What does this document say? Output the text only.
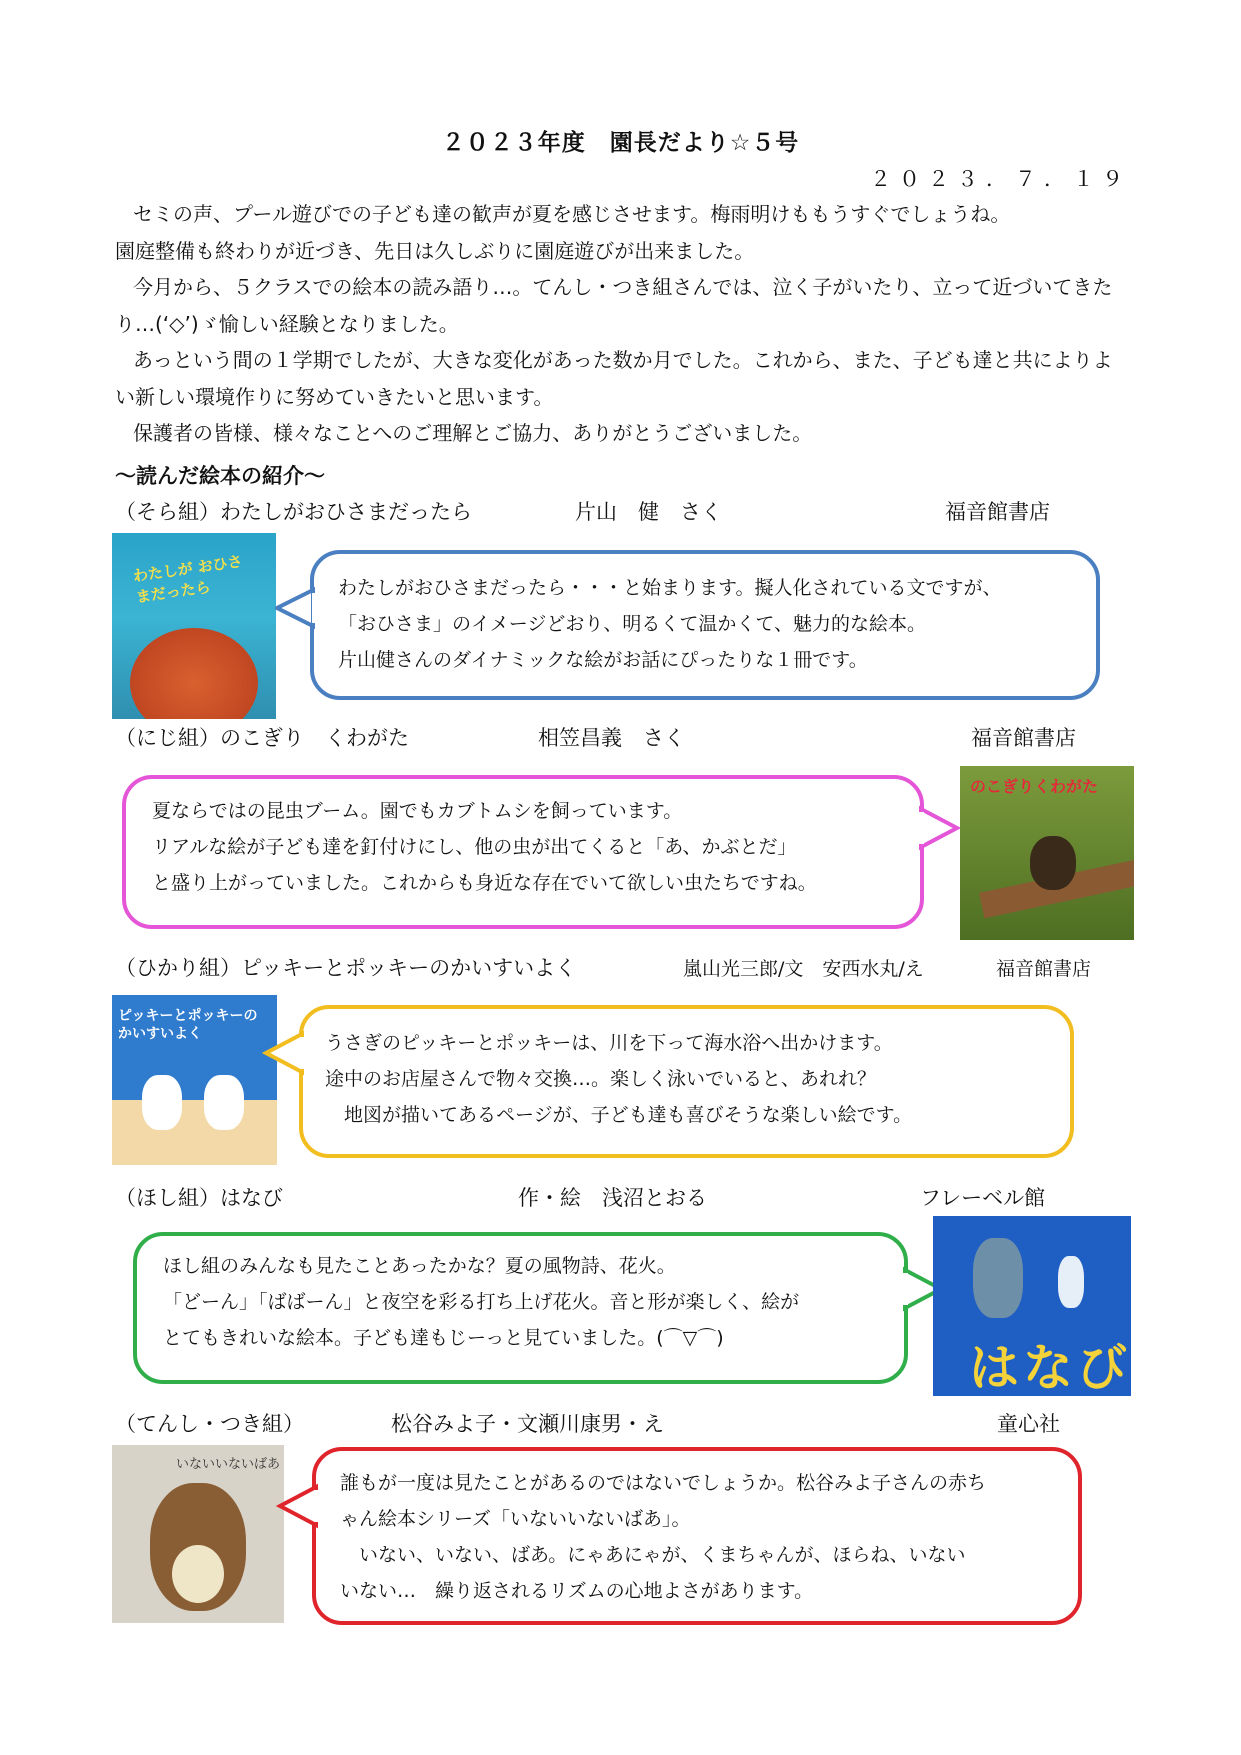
２０２３年度　園長だより☆５号
２０２３．７．１９

セミの声、プール遊びでの子ども達の歓声が夏を感じさせます。梅雨明けももうすぐでしょうね。

園庭整備も終わりが近づき、先日は久しぶりに園庭遊びが出来ました。

今月から、５クラスでの絵本の読み語り…。てんし・つき組さんでは、泣く子がいたり、立って近づいてきたり…(‘◇’)ゞ愉しい経験となりました。

あっという間の１学期でしたが、大きな変化があった数か月でした。これから、また、子ども達と共によりよい新しい環境作りに努めていきたいと思います。

保護者の皆様、様々なことへのご理解とご協力、ありがとうございました。

～読んだ絵本の紹介～
（そら組）わたしがおひさまだったら	片山　健　さく	福音館書店
わたしが おひさまだったら	わたしがおひさまだったら・・・と始まります。擬人化されている文ですが、
「おひさま」のイメージどおり、明るくて温かくて、魅力的な絵本。
片山健さんのダイナミックな絵がお話にぴったりな１冊です。
（にじ組）のこぎり　くわがた	相笠昌義　さく	福音館書店
夏ならではの昆虫ブーム。園でもカブトムシを飼っています。
リアルな絵が子ども達を釘付けにし、他の虫が出てくると「あ、かぶとだ」
と盛り上がっていました。これからも身近な存在でいて欲しい虫たちですね。
のこぎりくわがた
（ひかり組）ピッキーとポッキーのかいすいよく	嵐山光三郎/文　安西水丸/え	福音館書店
ピッキーとポッキーの かいすいよく	うさぎのピッキーとポッキーは、川を下って海水浴へ出かけます。
途中のお店屋さんで物々交換…。楽しく泳いでいると、あれれ？
　地図が描いてあるページが、子ども達も喜びそうな楽しい絵です。
（ほし組）はなび	作・絵　浅沼とおる	フレーベル館
ほし組のみんなも見たことあったかな？夏の風物詩、花火。
「どーん」「ばばーん」と夜空を彩る打ち上げ花火。音と形が楽しく、絵が
とてもきれいな絵本。子ども達もじーっと見ていました。(⌒▽⌒)
はなび
（てんし・つき組）	松谷みよ子・文瀬川康男・え	童心社
いないいないばあ
誰もが一度は見たことがあるのではないでしょうか。松谷みよ子さんの赤ち
ゃん絵本シリーズ「いないいないばあ」。
　いない、いない、ばあ。にゃあにゃが、くまちゃんが、ほらね、いない
いない…　繰り返されるリズムの心地よさがあります。
